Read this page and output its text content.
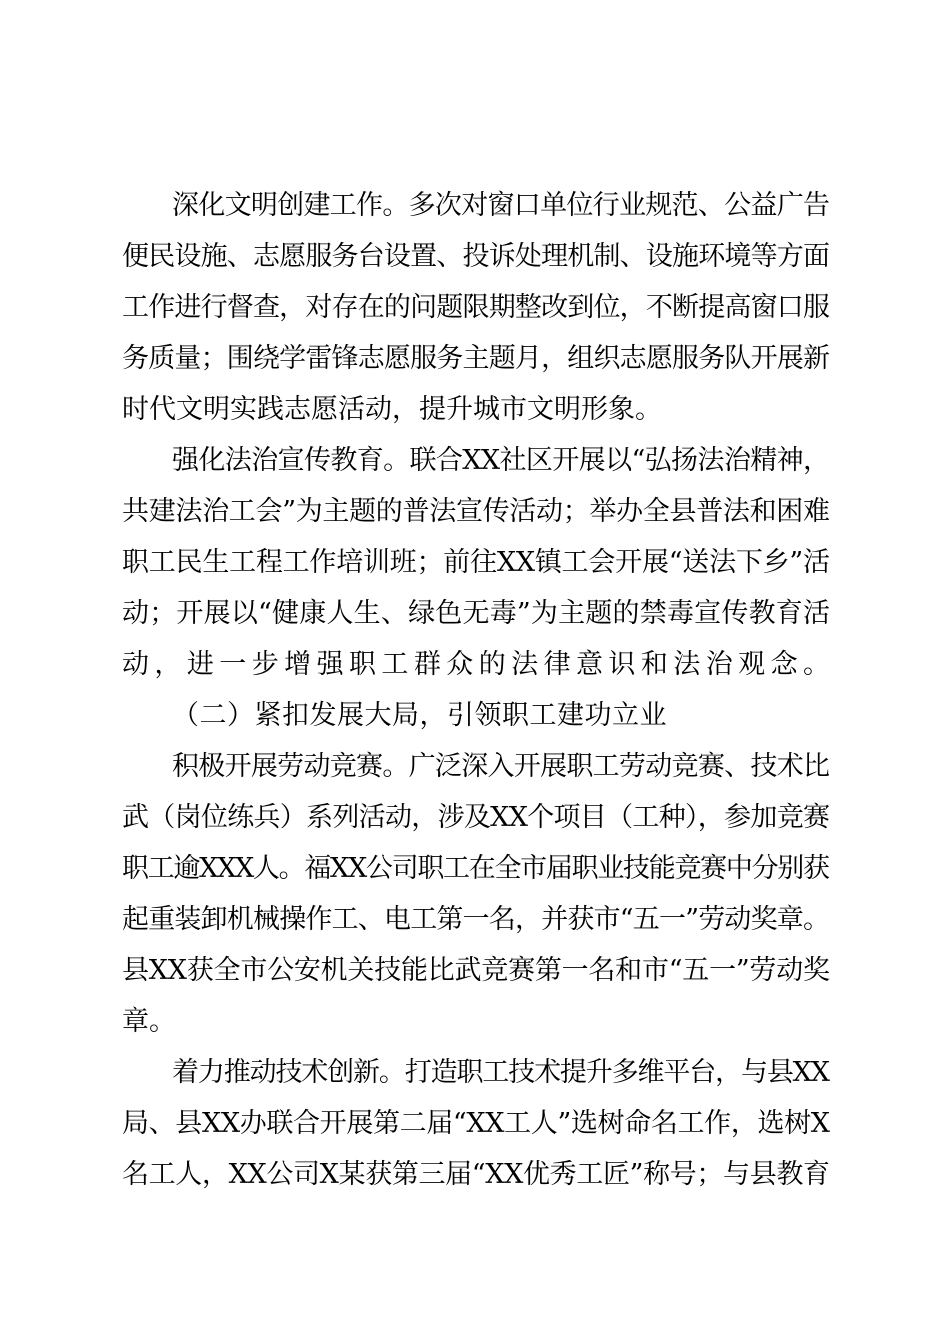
深化文明创建工作。多次对窗口单位行业规范、公益广告

便民设施、志愿服务台设置、投诉处理机制、设施环境等方面

工作进行督查，对存在的问题限期整改到位，不断提高窗口服

务质量；围绕学雷锋志愿服务主题月，组织志愿服务队开展新

时代文明实践志愿活动，提升城市文明形象。

强化法治宣传教育。联合XX社区开展以“弘扬法治精神，

共建法治工会”为主题的普法宣传活动；举办全县普法和困难

职工民生工程工作培训班；前往XX镇工会开展“送法下乡”活

动；开展以“健康人生、绿色无毒”为主题的禁毒宣传教育活

动，进一步增强职工群众的法律意识和法治观念。

（二）紧扣发展大局，引领职工建功立业

积极开展劳动竞赛。广泛深入开展职工劳动竞赛、技术比

武（岗位练兵）系列活动，涉及XX个项目（工种），参加竞赛

职工逾XXX人。福XX公司职工在全市届职业技能竞赛中分别获

起重装卸机械操作工、电工第一名，并获市“五一”劳动奖章。

县XX获全市公安机关技能比武竞赛第一名和市“五一”劳动奖

章。

着力推动技术创新。打造职工技术提升多维平台，与县XX

局、县XX办联合开展第二届“XX工人”选树命名工作，选树X

名工人，XX公司X某获第三届“XX优秀工匠”称号；与县教育
